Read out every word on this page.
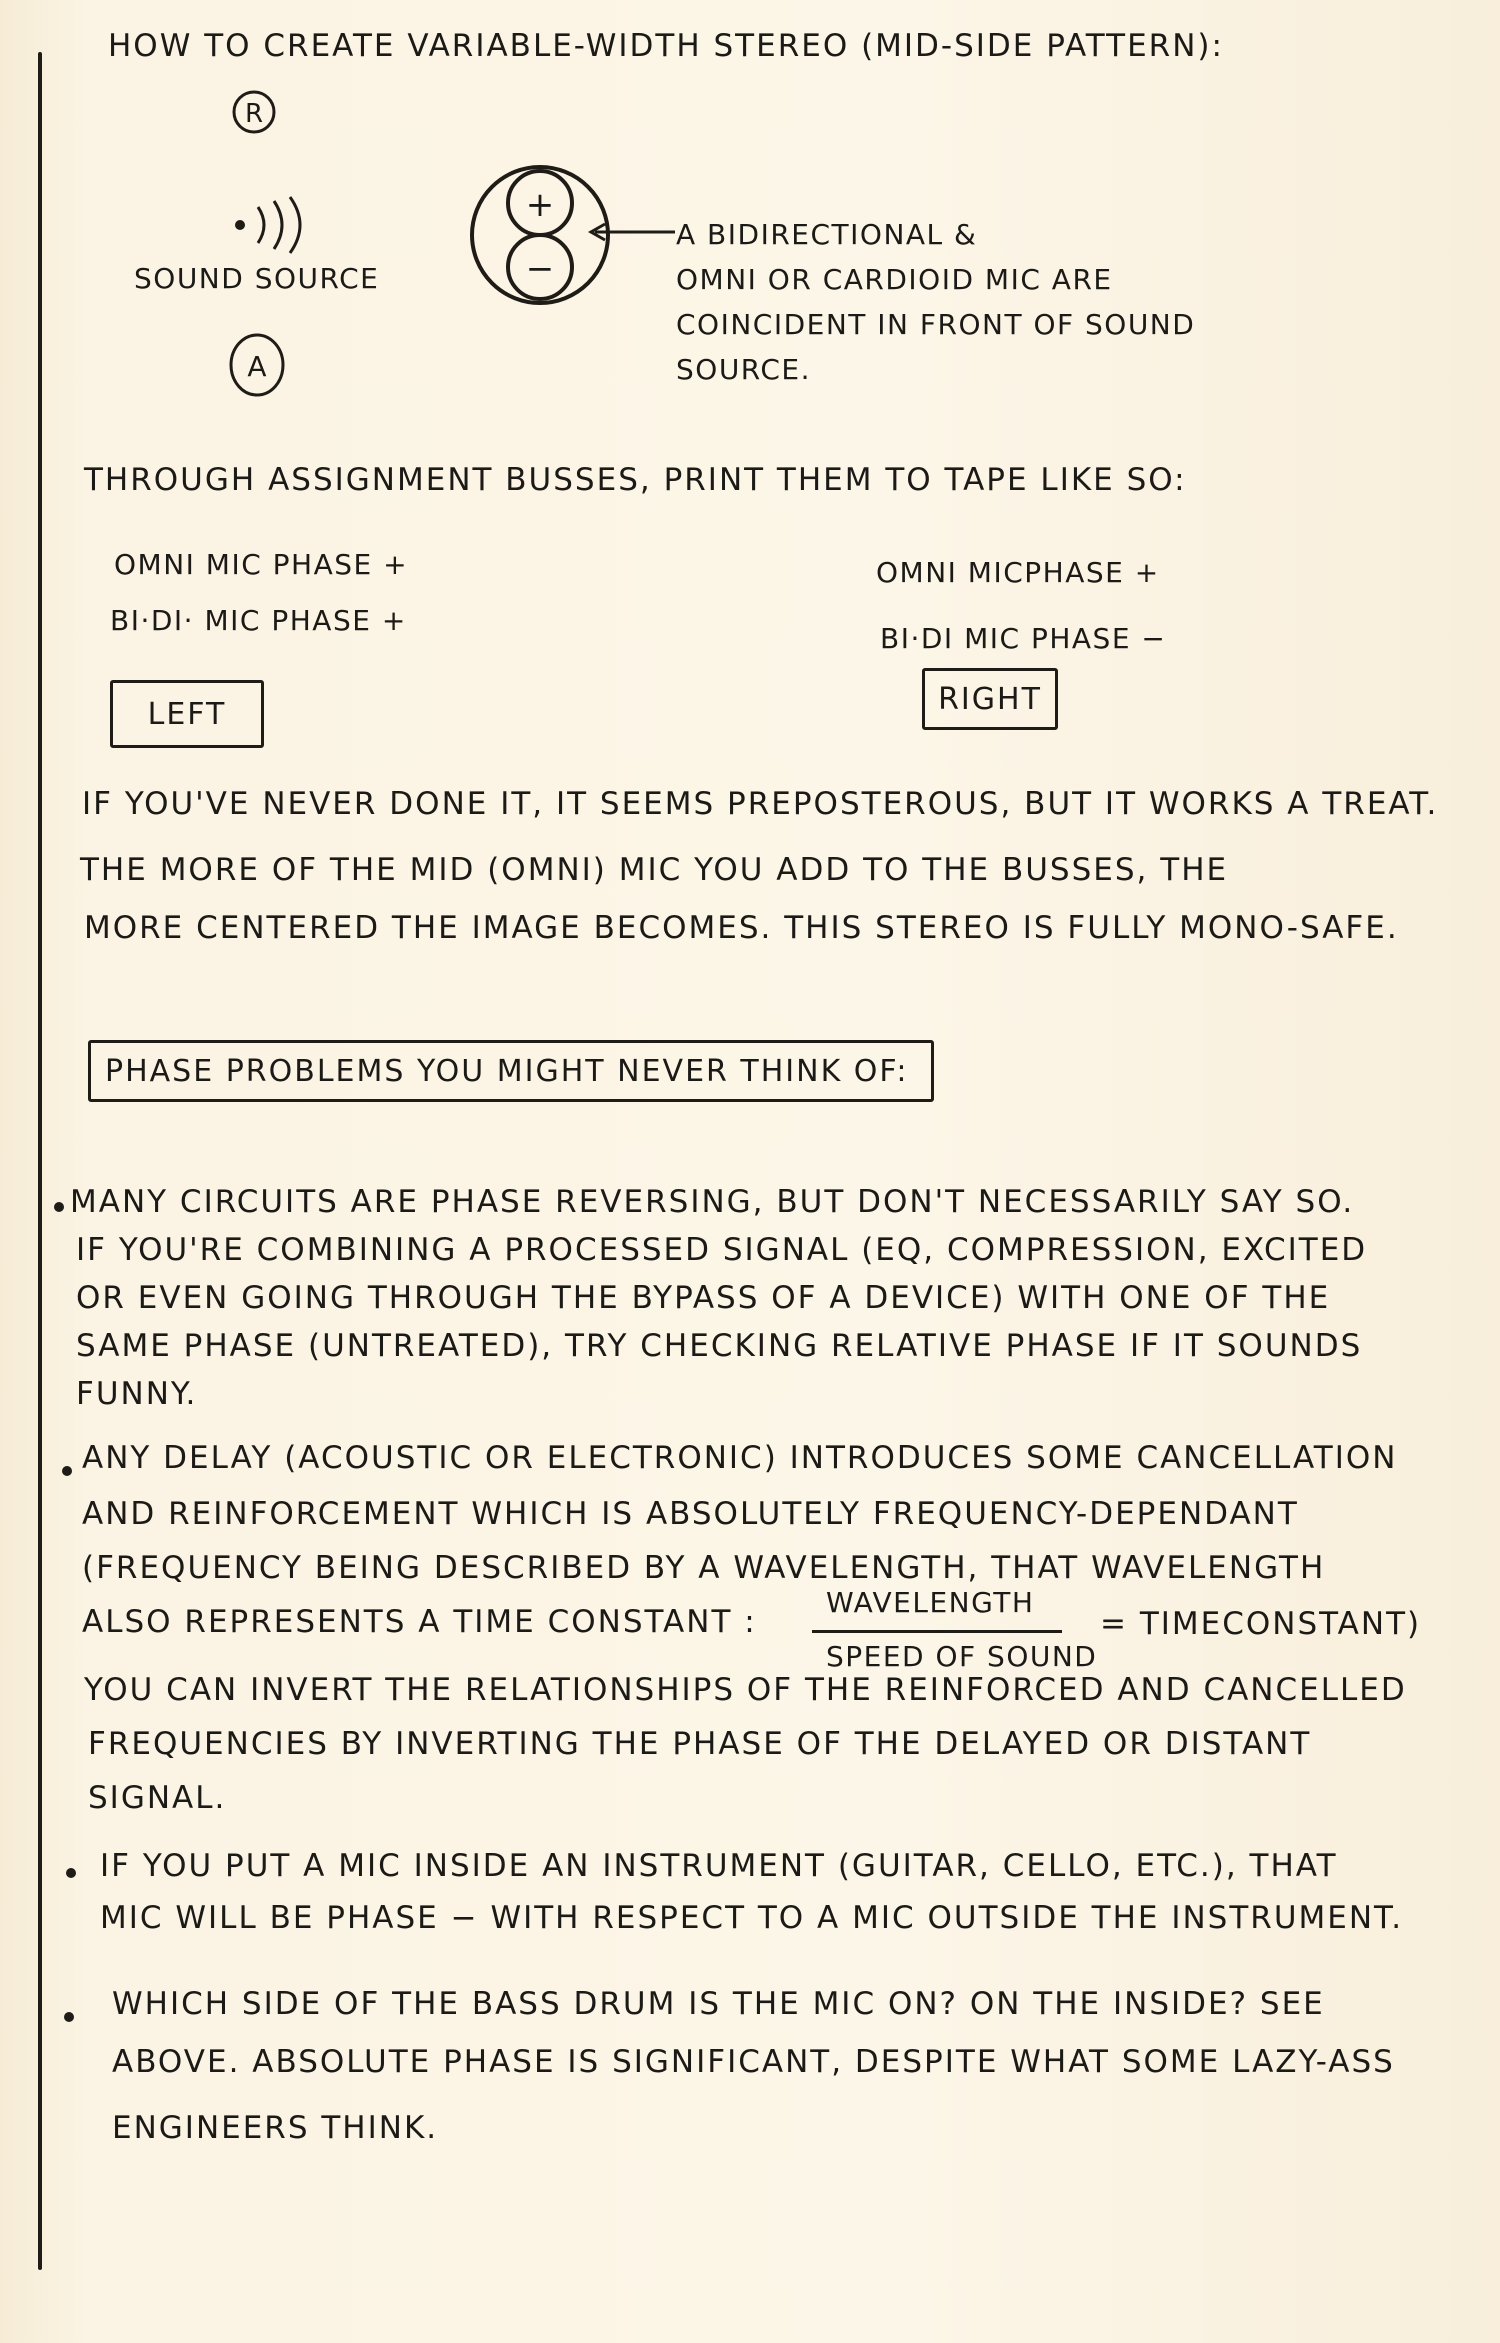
HOW TO CREATE VARIABLE-WIDTH STEREO (MID-SIDE PATTERN):
R
SOUND SOURCE
A
+
−
A BIDIRECTIONAL &
OMNI OR CARDIOID MIC ARE
COINCIDENT IN FRONT OF SOUND
SOURCE.
THROUGH ASSIGNMENT BUSSES, PRINT THEM TO TAPE LIKE SO:
OMNI MIC PHASE +
BI·DI· MIC PHASE +
LEFT
OMNI MICPHASE +
BI·DI MIC PHASE −
RIGHT
IF YOU'VE NEVER DONE IT, IT SEEMS PREPOSTEROUS, BUT IT WORKS A TREAT.
THE MORE OF THE MID (OMNI) MIC YOU ADD TO THE BUSSES, THE
MORE CENTERED THE IMAGE BECOMES. THIS STEREO IS FULLY MONO-SAFE.
PHASE PROBLEMS YOU MIGHT NEVER THINK OF:
MANY CIRCUITS ARE PHASE REVERSING, BUT DON'T NECESSARILY SAY SO.
IF YOU'RE COMBINING A PROCESSED SIGNAL (EQ, COMPRESSION, EXCITED
OR EVEN GOING THROUGH THE BYPASS OF A DEVICE) WITH ONE OF THE
SAME PHASE (UNTREATED), TRY CHECKING RELATIVE PHASE IF IT SOUNDS
FUNNY.
ANY DELAY (ACOUSTIC OR ELECTRONIC) INTRODUCES SOME CANCELLATION
AND REINFORCEMENT WHICH IS ABSOLUTELY FREQUENCY-DEPENDANT
(FREQUENCY BEING DESCRIBED BY A WAVELENGTH, THAT WAVELENGTH
ALSO REPRESENTS A TIME CONSTANT :
WAVELENGTH
SPEED OF SOUND
= TIMECONSTANT)
YOU CAN INVERT THE RELATIONSHIPS OF THE REINFORCED AND CANCELLED
FREQUENCIES BY INVERTING THE PHASE OF THE DELAYED OR DISTANT
SIGNAL.
IF YOU PUT A MIC INSIDE AN INSTRUMENT (GUITAR, CELLO, ETC.), THAT
MIC WILL BE PHASE − WITH RESPECT TO A MIC OUTSIDE THE INSTRUMENT.
WHICH SIDE OF THE BASS DRUM IS THE MIC ON? ON THE INSIDE? SEE
ABOVE. ABSOLUTE PHASE IS SIGNIFICANT, DESPITE WHAT SOME LAZY-ASS
ENGINEERS THINK.
